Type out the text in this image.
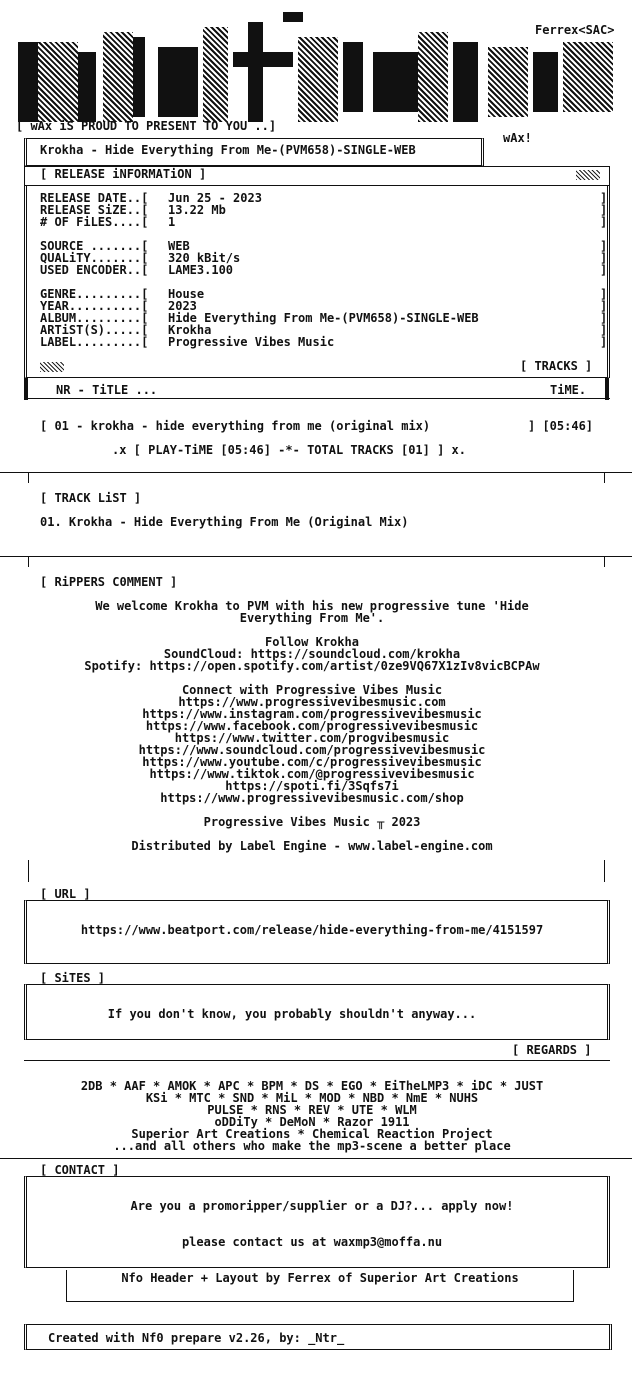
Ferrex<SAC>
[ wAx iS PROUD TO PRESENT TO YOU ..]
wAx!
Krokha - Hide Everything From Me-(PVM658)-SINGLE-WEB
[ RELEASE iNFORMATiON ]
RELEASE DATE..[ Jun 25 - 2023	]
RELEASE SiZE..[ 13.22 Mb	]
# OF FiLES....[ 1	]
SOURCE .......[ WEB	]
QUALiTY.......[ 320 kBit/s	]
USED ENCODER..[ LAME3.100	]
GENRE.........[ House	]
YEAR..........[ 2023	]
ALBUM.........[ Hide Everything From Me-(PVM658)-SINGLE-WEB	]
ARTiST(S).....[ Krokha	]
LABEL.........[ Progressive Vibes Music	]
[ TRACKS ]
NR - TiTLE ...	TiME.
[ 01 - krokha - hide everything from me (original mix)	] [05:46]
.x [ PLAY-TiME [05:46] -*- TOTAL TRACKS [01] ] x.
[ TRACK LiST ]
01. Krokha - Hide Everything From Me (Original Mix)
[ RiPPERS C0MMENT ]
We welcome Krokha to PVM with his new progressive tune 'Hide
Everything From Me'.
Follow Krokha
SoundCloud: https://soundcloud.com/krokha
Spotify: https://open.spotify.com/artist/0ze9VQ67X1zIv8vicBCPAw
Connect with Progressive Vibes Music
https://www.progressivevibesmusic.com
https://www.instagram.com/progressivevibesmusic
https://www.facebook.com/progressivevibesmusic
https://www.twitter.com/progvibesmusic
https://www.soundcloud.com/progressivevibesmusic
https://www.youtube.com/c/progressivevibesmusic
https://www.tiktok.com/@progressivevibesmusic
https://spoti.fi/3Sqfs7i
https://www.progressivevibesmusic.com/shop
Progressive Vibes Music ╥ 2023
Distributed by Label Engine - www.label-engine.com
[ URL ]
https://www.beatport.com/release/hide-everything-from-me/4151597
[ SiTES ]
If you don't know, you probably shouldn't anyway...
[ REGARDS ]
2DB * AAF * AMOK * APC * BPM * DS * EGO * EiTheLMP3 * iDC * JUST
KSi * MTC * SND * MiL * MOD * NBD * NmE * NUHS
PULSE * RNS * REV * UTE * WLM
oDDiTy * DeMoN * Razor 1911
Superior Art Creations * Chemical Reaction Project
...and all others who make the mp3-scene a better place
[ CONTACT ]
Are you a promoripper/supplier or a DJ?... apply now!
please contact us at waxmp3@moffa.nu
Nfo Header + Layout by Ferrex of Superior Art Creations
Created with Nf0 prepare v2.26, by: _Ntr_
